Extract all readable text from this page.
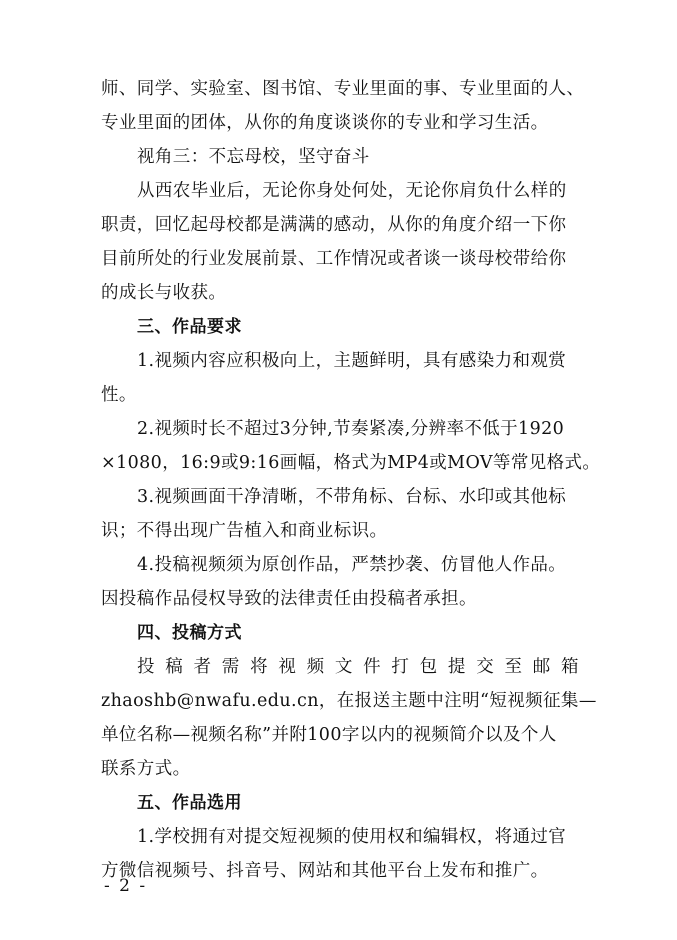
师、同学、实验室、图书馆、专业里面的事、专业里面的人、
专业里面的团体，从你的角度谈谈你的专业和学习生活。
视角三：不忘母校，坚守奋斗
从西农毕业后，无论你身处何处，无论你肩负什么样的
职责，回忆起母校都是满满的感动，从你的角度介绍一下你
目前所处的行业发展前景、工作情况或者谈一谈母校带给你
的成长与收获。
三、作品要求
1.视频内容应积极向上，主题鲜明，具有感染力和观赏
性。
2.视频时长不超过3分钟,节奏紧凑,分辨率不低于1920
×1080，16:9或9:16画幅，格式为MP4或MOV等常见格式。
3.视频画面干净清晰，不带角标、台标、水印或其他标
识；不得出现广告植入和商业标识。
4.投稿视频须为原创作品，严禁抄袭、仿冒他人作品。
因投稿作品侵权导致的法律责任由投稿者承担。
四、投稿方式
投 稿 者 需 将 视 频 文 件 打 包 提 交 至 邮 箱
zhaoshb@nwafu.edu.cn，在报送主题中注明“短视频征集—
单位名称—视频名称”并附100字以内的视频简介以及个人
联系方式。
五、作品选用
1.学校拥有对提交短视频的使用权和编辑权，将通过官
方微信视频号、抖音号、网站和其他平台上发布和推广。
- 2 -
